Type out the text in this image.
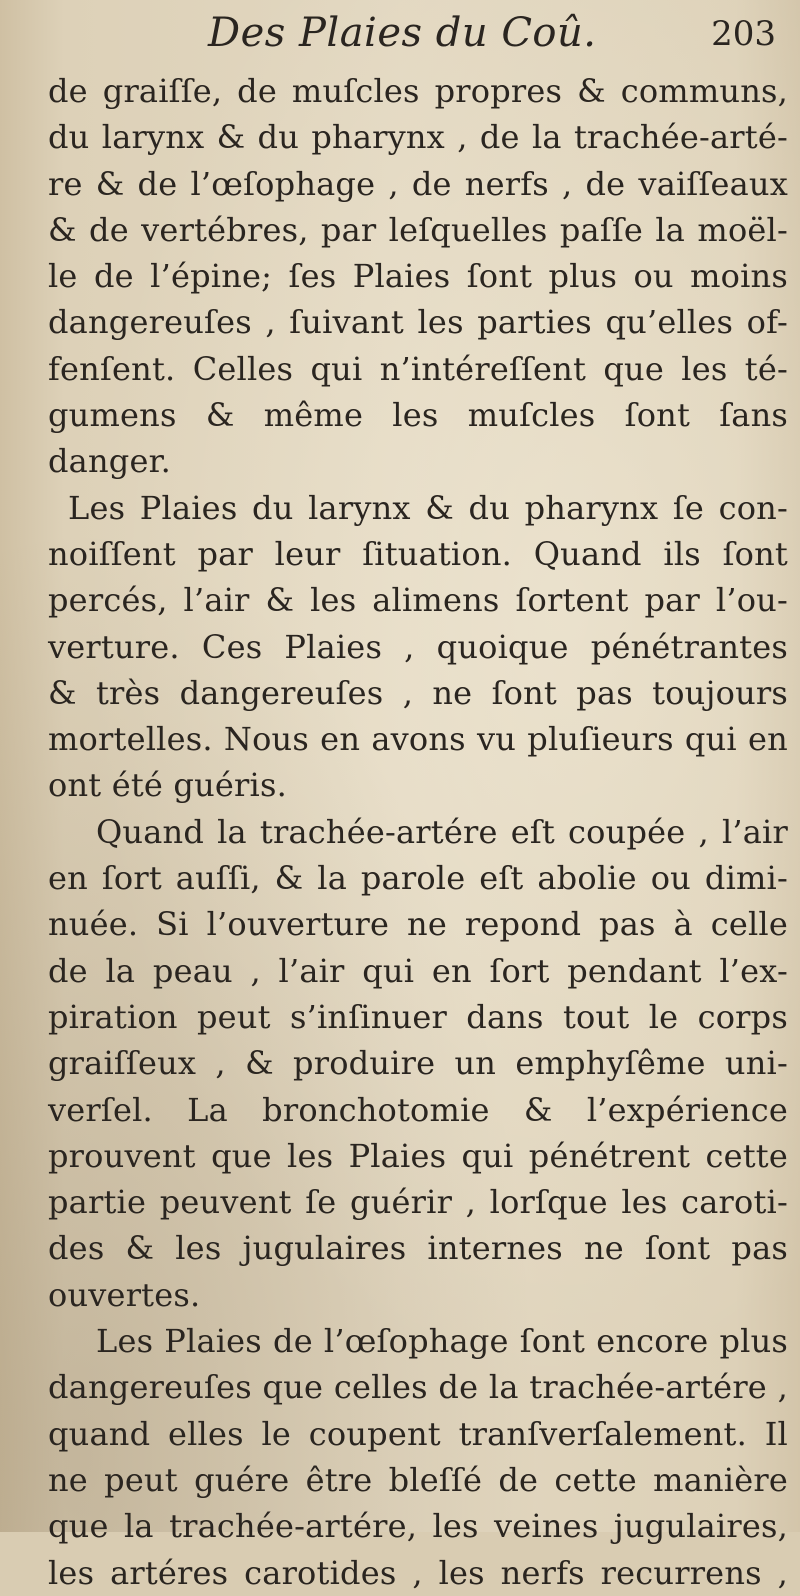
Des Plaies du Coû.	203
de graiſſe, de muſcles propres & communs,
du larynx & du pharynx , de la trachée-arté-
re & de l’œſophage , de nerfs , de vaiſſeaux
& de vertébres, par leſquelles paſſe la moël-
le de l’épine; ſes Plaies ſont plus ou moins
dangereuſes , ſuivant les parties qu’elles of-
fenſent. Celles qui n’intéreſſent que les té-
gumens & même les muſcles ſont ſans
danger.
Les Plaies du larynx & du pharynx ſe con-
noiſſent par leur ſituation. Quand ils ſont
percés, l’air & les alimens ſortent par l’ou-
verture. Ces Plaies , quoique pénétrantes
& très dangereuſes , ne ſont pas toujours
mortelles. Nous en avons vu pluſieurs qui en
ont été guéris.
Quand la trachée-artére eſt coupée , l’air
en ſort auſſi, & la parole eſt abolie ou dimi-
nuée. Si l’ouverture ne repond pas à celle
de la peau , l’air qui en ſort pendant l’ex-
piration peut s’inſinuer dans tout le corps
graiſſeux , & produire un emphyſême uni-
verſel. La bronchotomie & l’expérience
prouvent que les Plaies qui pénétrent cette
partie peuvent ſe guérir , lorſque les caroti-
des & les jugulaires internes ne ſont pas
ouvertes.
Les Plaies de l’œſophage ſont encore plus
dangereuſes que celles de la trachée-artére ,
quand elles le coupent tranſverſalement. Il
ne peut guére être bleſſé de cette manière
que la trachée-artére, les veines jugulaires,
les artéres carotides , les nerfs recurrens ,
